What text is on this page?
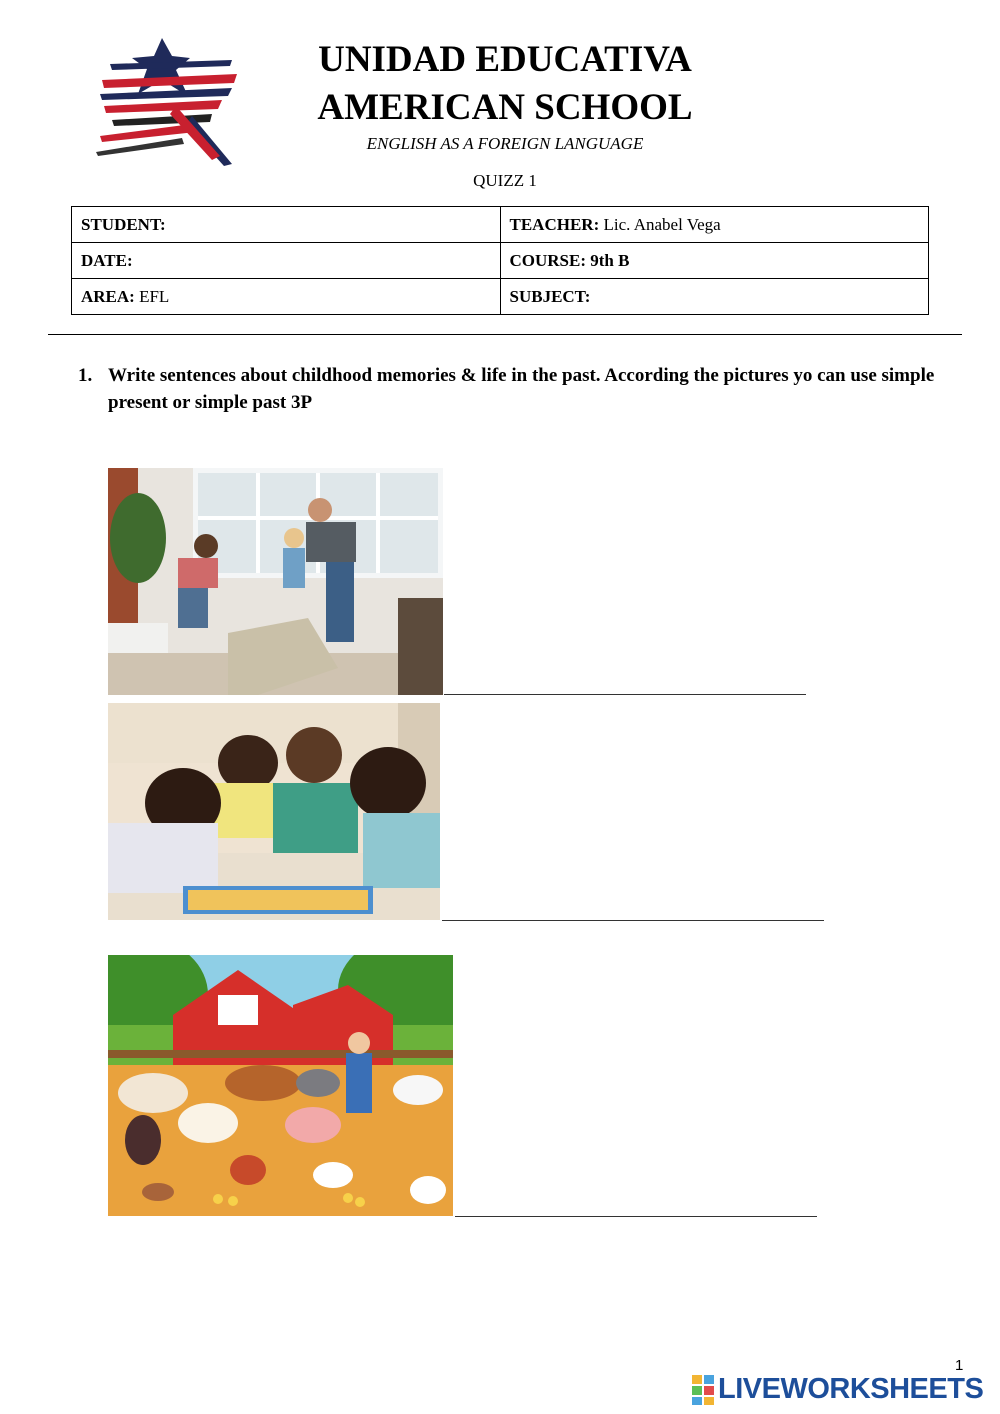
UNIDAD EDUCATIVA
AMERICAN SCHOOL
ENGLISH AS A FOREIGN LANGUAGE
QUIZZ 1
STUDENT:	TEACHER: Lic. Anabel Vega
DATE:	COURSE: 9th B
AREA: EFL	SUBJECT:
1. Write sentences about childhood memories & life in the past. According the pictures yo can use simple present or simple past 3P
1
LIVEWORKSHEETS
